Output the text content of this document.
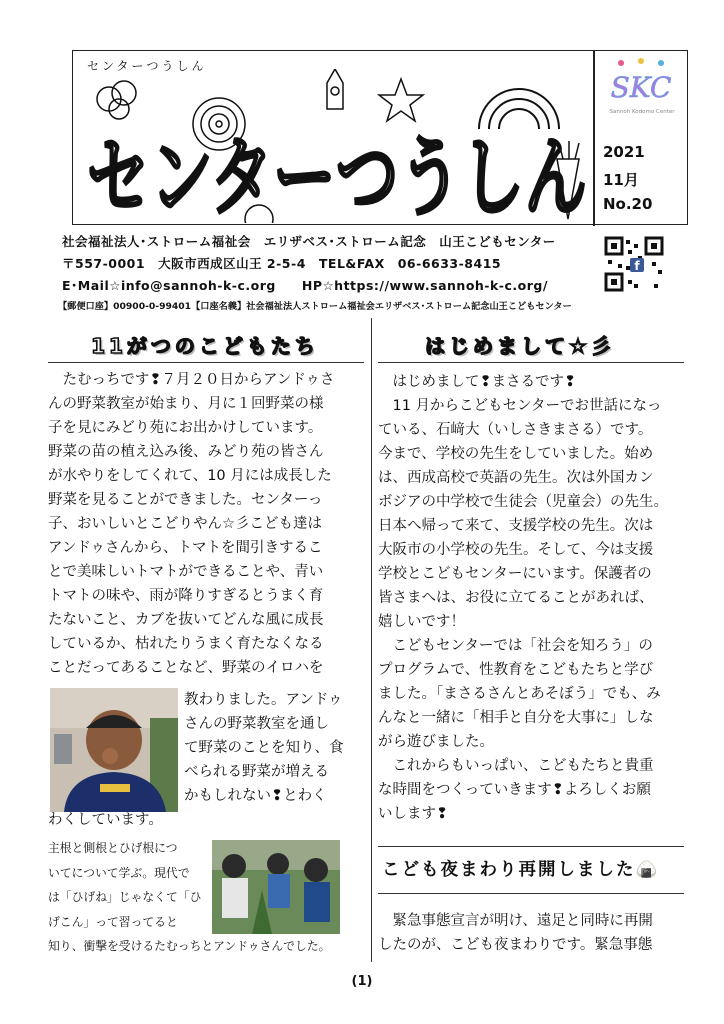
センターつうしん
センターつうしん
SKC
Sannoh Kodomo Center
2021
11月
No.20
社会福祉法人･ストローム福祉会　エリザベス･ストローム記念　山王こどもセンター
〒557-0001　大阪市西成区山王 2-5-4　TEL&FAX　06-6633-8415
E･Mail☆info@sannoh-k-c.org　　HP☆https://www.sannoh-k-c.org/
【郵便口座】00900-0-99401【口座名義】社会福祉法人ストローム福祉会エリザベス･ストローム記念山王こどもセンター
f
11がつのこどもたち

　たむっちです❢７月２０日からアンドゥさ

んの野菜教室が始まり、月に１回野菜の様

子を見にみどり苑にお出かけしています。

野菜の苗の植え込み後、みどり苑の皆さん

が水やりをしてくれて、10 月には成長した

野菜を見ることができました。センターっ

子、おいしいとこどりやん☆彡こども達は

アンドゥさんから、トマトを間引きするこ

とで美味しいトマトができることや、青い

トマトの味や、雨が降りすぎるとうまく育

たないこと、カブを抜いてどんな風に成長

しているか、枯れたりうまく育たなくなる

ことだってあることなど、野菜のイロハを

教わりました。アンドゥ

さんの野菜教室を通し

て野菜のことを知り、食

べられる野菜が増える

かもしれない❢とわく

わくしています。

主根と側根とひげ根につ

いてについて学ぶ。現代で

は「ひげね」じゃなくて「ひ

げこん」って習ってると

知り、衝撃を受けるたむっちとアンドゥさんでした。

はじめまして☆彡

　はじめまして❢まさるです❢

　11 月からこどもセンターでお世話になっ

ている、石﨑大（いしさきまさる）です。

今まで、学校の先生をしていました。始め

は、西成高校で英語の先生。次は外国カン

ボジアの中学校で生徒会（児童会）の先生。

日本へ帰って来て、支援学校の先生。次は

大阪市の小学校の先生。そして、今は支援

学校とこどもセンターにいます。保護者の

皆さまへは、お役に立てることがあれば、

嬉しいです！

　こどもセンターでは「社会を知ろう」の

プログラムで、性教育をこどもたちと学び

ました。「まさるさんとあそぼう」でも、み

んなと一緒に「相手と自分を大事に」しな

がら遊びました。

　これからもいっぱい、こどもたちと貴重

な時間をつくっていきます❢よろしくお願

いします❢

こども夜まわり再開しました🍙

　緊急事態宣言が明け、遠足と同時に再開

したのが、こども夜まわりです。緊急事態

(1)
